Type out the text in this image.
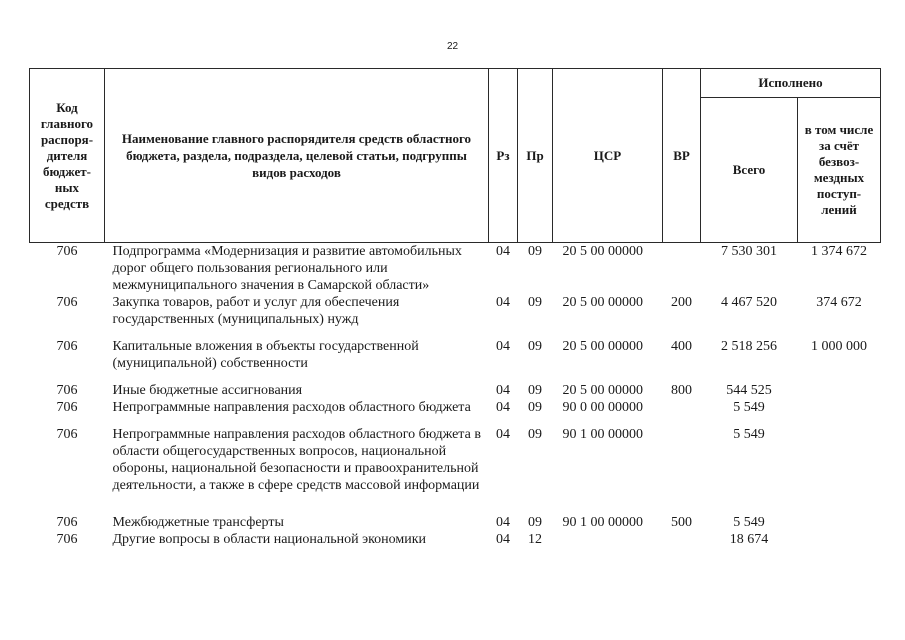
22
Код главного распоря-дителя бюджет-ных средств	Наименование главного распорядителя средств областного бюджета, раздела, подраздела, целевой статьи, подгруппы видов расходов	Рз	Пр	ЦСР	ВР	Исполнено	
						Всего	в том числе за счёт безвоз-мездных поступ-лений
706	Подпрограмма «Модернизация и развитие автомобильных дорог общего пользования регионального или межмуниципального значения в Самарской области»	04	09	20 5 00 00000		7 530 301	1 374 672
706	Закупка товаров, работ и услуг для обеспечения государственных (муниципальных) нужд	04	09	20 5 00 00000	200	4 467 520	374 672
706	Капитальные вложения в объекты государственной (муниципальной) собственности	04	09	20 5 00 00000	400	2 518 256	1 000 000
706	Иные бюджетные ассигнования	04	09	20 5 00 00000	800	544 525	
706	Непрограммные направления расходов областного бюджета	04	09	90 0 00 00000		5 549	
706	Непрограммные направления расходов областного бюджета в области общегосударственных вопросов, национальной обороны, национальной безопасности и правоохранительной деятельности, а также в сфере средств массовой информации	04	09	90 1 00 00000		5 549	
706	Межбюджетные трансферты	04	09	90 1 00 00000	500	5 549	
706	Другие вопросы в области национальной экономики	04	12			18 674	
